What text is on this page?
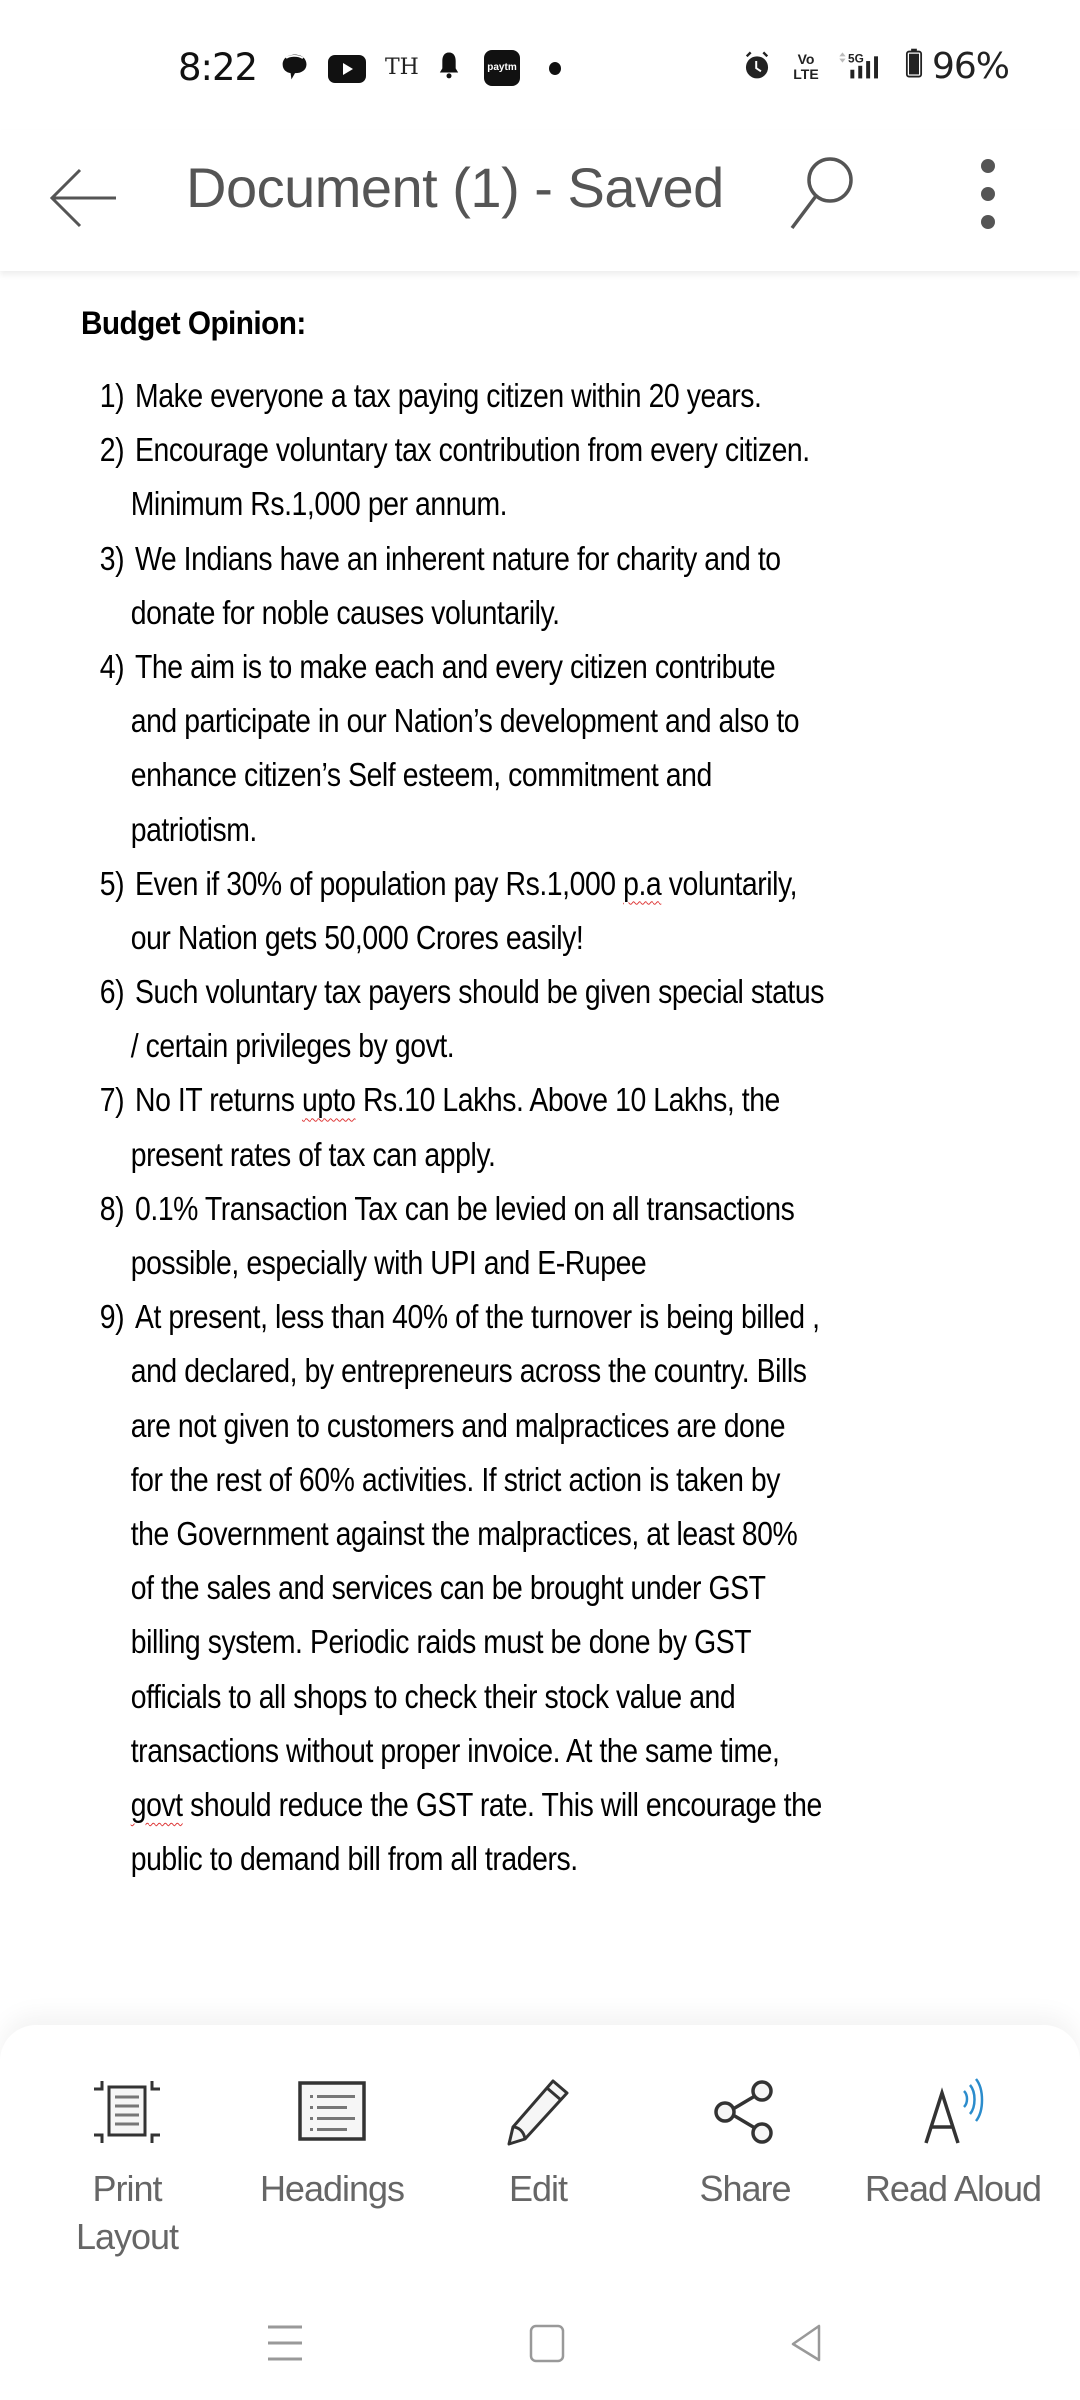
8:22	TH	paytm
Vo
LTE
5G 96%
Document (1) - Saved
Budget Opinion:
1) Make everyone a tax paying citizen within 20 years.
2) Encourage voluntary tax contribution from every citizen.
Minimum Rs.1,000 per annum.
3) We Indians have an inherent nature for charity and to
donate for noble causes voluntarily.
4) The aim is to make each and every citizen contribute
and participate in our Nation’s development and also to
enhance citizen’s Self esteem, commitment and
patriotism.
5) Even if 30% of population pay Rs.1,000 p.a voluntarily,
our Nation gets 50,000 Crores easily!
6) Such voluntary tax payers should be given special status
/ certain privileges by govt.
7) No IT returns upto Rs.10 Lakhs. Above 10 Lakhs, the
present rates of tax can apply.
8) 0.1% Transaction Tax can be levied on all transactions
possible, especially with UPI and E-Rupee
9) At present, less than 40% of the turnover is being billed ,
and declared, by entrepreneurs across the country. Bills
are not given to customers and malpractices are done
for the rest of 60% activities. If strict action is taken by
the Government against the malpractices, at least 80%
of the sales and services can be brought under GST
billing system. Periodic raids must be done by GST
officials to all shops to check their stock value and
transactions without proper invoice. At the same time,
govt should reduce the GST rate. This will encourage the
public to demand bill from all traders.
Print
Layout
Headings	Edit	Share	Read Aloud
